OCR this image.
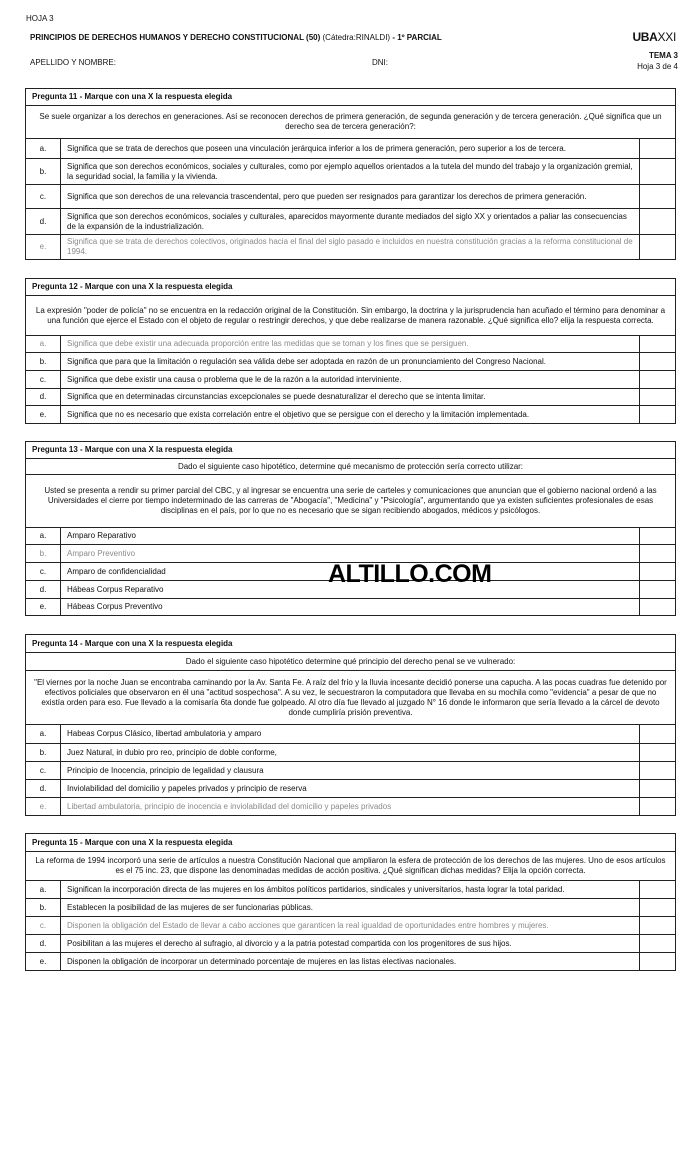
HOJA 3
PRINCIPIOS DE DERECHOS HUMANOS Y DERECHO CONSTITUCIONAL (50) (Cátedra:RINALDI) - 1º PARCIAL	UBAXXI
APELLIDO Y NOMBRE:	DNI:
TEMA 3
Hoja 3 de 4
Pregunta 11 - Marque con una X la respuesta elegida		
Se suele organizar a los derechos en generaciones. Así se reconocen derechos de primera generación, de segunda generación y de tercera generación. ¿Qué significa que un derecho sea de tercera generación?:		
a.	Significa que se trata de derechos que poseen una vinculación jerárquica inferior a los de primera generación, pero superior a los de tercera.	
b.	Significa que son derechos económicos, sociales y culturales, como por ejemplo aquellos orientados a la tutela del mundo del trabajo y la organización gremial, la seguridad social, la familia y la vivienda.	
c.	Significa que son derechos de una relevancia trascendental, pero que pueden ser resignados para garantizar los derechos de primera generación.	
d.	Significa que son derechos económicos, sociales y culturales, aparecidos mayormente durante mediados del siglo XX y orientados a paliar las consecuencias de la expansión de la industrialización.	
e.	Significa que se trata de derechos colectivos, originados hacia el final del siglo pasado e incluidos en nuestra constitución gracias a la reforma constitucional de 1994.	
Pregunta 12 - Marque con una X la respuesta elegida		
La expresión "poder de policía" no se encuentra en la redacción original de la Constitución. Sin embargo, la doctrina y la jurisprudencia han acuñado el término para denominar a una función que ejerce el Estado con el objeto de regular o restringir derechos, y que debe realizarse de manera razonable. ¿Qué significa ello? elija la respuesta correcta.		
a.	Significa que debe existir una adecuada proporción entre las medidas que se toman y los fines que se persiguen.	
b.	Significa que para que la limitación o regulación sea válida debe ser adoptada en razón de un pronunciamiento del Congreso Nacional.	
c.	Significa que debe existir una causa o problema que le de la razón a la autoridad interviniente.	
d.	Significa que en determinadas circunstancias excepcionales se puede desnaturalizar el derecho que se intenta limitar.	
e.	Significa que no es necesario que exista correlación entre el objetivo que se persigue con el derecho y la limitación implementada.	
Pregunta 13 - Marque con una X la respuesta elegida		
Dado el siguiente caso hipotético, determine qué mecanismo de protección sería correcto utilizar:		
Usted se presenta a rendir su primer parcial del CBC, y al ingresar se encuentra una serie de carteles y comunicaciones que anuncian que el gobierno nacional ordenó a las Universidades el cierre por tiempo indeterminado de las carreras de "Abogacía", "Medicina" y "Psicología", argumentando que ya existen suficientes profesionales de esas disciplinas en el país, por lo que no es necesario que se sigan recibiendo abogados, médicos y psicólogos.		
a.	Amparo Reparativo	
b.	Amparo Preventivo	
c.	Amparo de confidencialidad	
d.	Hábeas Corpus Reparativo	
e.	Hábeas Corpus Preventivo	
Pregunta 14 - Marque con una X la respuesta elegida		
Dado el siguiente caso hipotético determine qué principio del derecho penal se ve vulnerado:		
"El viernes por la noche Juan se encontraba caminando por la Av. Santa Fe. A raíz del frío y la lluvia incesante decidió ponerse una capucha. A las pocas cuadras fue detenido por efectivos policiales que observaron en él una "actitud sospechosa". A su vez, le secuestraron la computadora que llevaba en su mochila como "evidencia" a pesar de que no existía orden para eso. Fue llevado a la comisaría 6ta donde fue golpeado. Al otro día fue llevado al juzgado N° 16 donde le informaron que sería llevado a la cárcel de devoto donde cumpliría prisión preventiva.		
a.	Habeas Corpus Clásico, libertad ambulatoria y amparo	
b.	Juez Natural, in dubio pro reo, principio de doble conforme,	
c.	Principio de Inocencia, principio de legalidad y clausura	
d.	Inviolabilidad del domicilio y papeles privados y principio de reserva	
e.	Libertad ambulatoria, principio de inocencia e inviolabilidad del domicilio y papeles privados	
Pregunta 15 - Marque con una X la respuesta elegida		
La reforma de 1994 incorporó una serie de artículos a nuestra Constitución Nacional que ampliaron la esfera de protección de los derechos de las mujeres. Uno de esos artículos es el 75 inc. 23, que dispone las denominadas medidas de acción positiva. ¿Qué significan dichas medidas? Elija la opción correcta.		
a.	Significan la incorporación directa de las mujeres en los ámbitos políticos partidarios, sindicales y universitarios, hasta lograr la total paridad.	
b.	Establecen la posibilidad de las mujeres de ser funcionarias públicas.	
c.	Disponen la obligación del Estado de llevar a cabo acciones que garanticen la real igualdad de oportunidades entre hombres y mujeres.	
d.	Posibilitan a las mujeres el derecho al sufragio, al divorcio y a la patria potestad compartida con los progenitores de sus hijos.	
e.	Disponen la obligación de incorporar un determinado porcentaje de mujeres en las listas electivas nacionales.	
ALTILLO.COM
